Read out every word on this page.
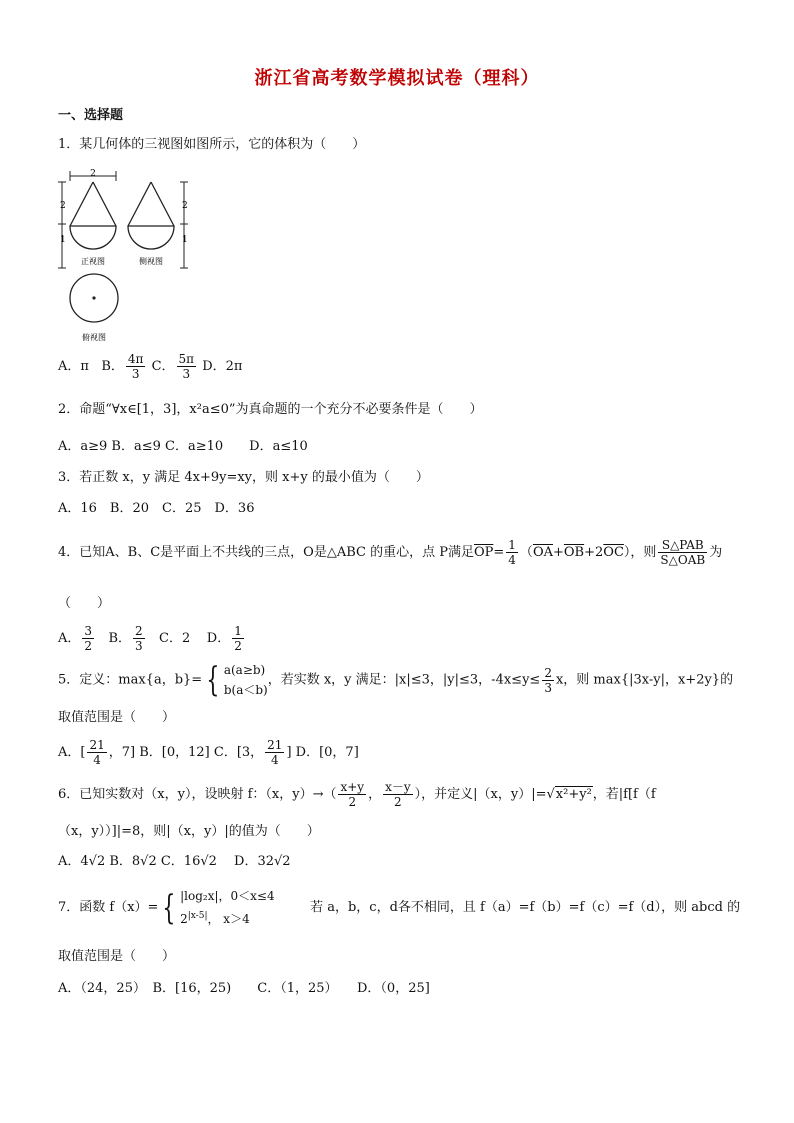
浙江省高考数学模拟试卷（理科）
一、选择题
1．某几何体的三视图如图所示，它的体积为（　　）
2
2
1
正视图	侧视图
2
1
俯视图
A．π B． $\frac{4\pi}{3}$ C． $\frac{5\pi}{3}$ D．2π
2．命题“∀x∈[1，3]，x²a≤0”为真命题的一个充分不必要条件是（　　）
A．a≥9 B．a≤9 C．a≥10　　D．a≤10
3．若正数 x，y 满足 4x+9y=xy，则 x+y 的最小值为（　　）
A．16　B．20　C．25　D．36
4．已知A、B、C是平面上不共线的三点，O是△ABC 的重心，点 P满足$\overline{OP}= \frac{1}{4} (\overline{OA}+\overline{OB}+2\overline{OC})$，则 $\frac{\text{S△PAB}}{\text{S△OAB}}$ 为
（　　）
A． $\frac{3}{2}$ B． $\frac{2}{3}$ C．2 D． $\frac{1}{2}$
5．定义：max{a，b}= { a(a≥b)
b(a＜b)
，若实数 x，y 满足：|x|≤3，|y|≤3，$-4x\le y\le \frac{2}{3}$ x，则 max{|3x-y|，x+2y}的
取值范围是（　　）
A．[ $\frac{21}{4}$ ，7] B．[0，12] C．[3， $\frac{21}{4}$ ] D．[0，7]
6．已知实数对（x，y），设映射 f：（x，$y)\to( \frac{x+y}{2}$ ， $\frac{x-y}{2}$ ），并定义|（x，y）|=√x²+y²，若|f[f（f
（x，y））]|=8，则|（x，y）|的值为（　　）
A．4√2 B．8√2 C．16√2　 D．32√2
7．函数 f（x）= { |log₂x|，0＜x≤4
$2^{|x-5|}$， x＞4
若 a，b，c，d各不相同，且 f（a）=f（b）=f（c）=f（d），则 abcd 的
取值范围是（　　）
A．（24，25）　B．[16，25)　　C．（1，25）　　D．（0，25]
